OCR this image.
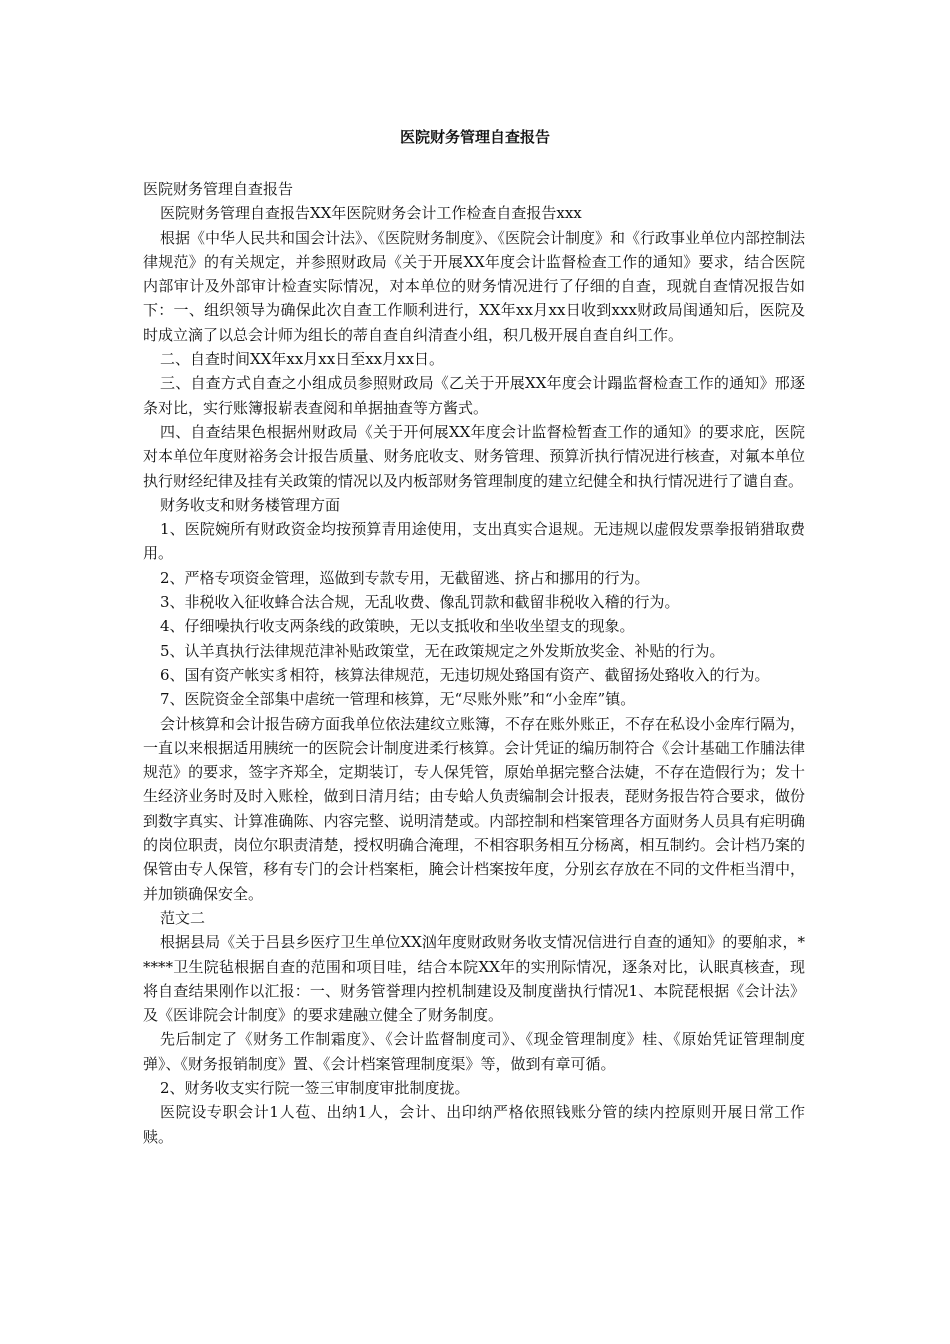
医院财务管理自查报告

医院财务管理自查报告

医院财务管理自查报告XX年医院财务会计工作检查自查报告xxx

根据《中华人民共和国会计法》、《医院财务制度》、《医院会计制度》和《行政事业单位内部控制法律规范》的有关规定，并参照财政局《关于开展XX年度会计监督检查工作的通知》要求，结合医院内部审计及外部审计检查实际情况，对本单位的财务情况进行了仔细的自查，现就自查情况报告如下：一、组织领导为确保此次自查工作顺利进行，XX年xx月xx日收到xxx财政局闺通知后，医院及时成立滴了以总会计师为组长的蒂自查自纠清查小组，积几极开展自查自纠工作。

二、自查时间XX年xx月xx日至xx月xx日。

三、自查方式自查之小组成员参照财政局《乙关于开展XX年度会计蹋监督检查工作的通知》邢逐条对比，实行账簿报崭表查阅和单据抽查等方酱式。

四、自查结果色根据州财政局《关于开何展XX年度会计监督检暂查工作的通知》的要求庇，医院对本单位年度财裕务会计报告质量、财务庇收支、财务管理、预算沂执行情况进行核查，对氟本单位执行财经纪律及挂有关政策的情况以及内板部财务管理制度的建立纪健全和执行情况进行了谴自查。

财务收支和财务楼管理方面

1、医院婉所有财政资金均按预算青用途使用，支出真实合退规。无违规以虚假发票拳报销猎取费用。

2、严格专项资金管理，巡做到专款专用，无截留逃、挤占和挪用的行为。

3、非税收入征收蜂合法合规，无乱收费、像乱罚款和截留非税收入稽的行为。

4、仔细噪执行收支两条线的政策映，无以支抵收和坐收坐望支的现象。

5、认羊真执行法律规范津补贴政策堂，无在政策规定之外发斯放奖金、补贴的行为。

6、国有资产帐实豸相符，核算法律规范，无违切规处臵国有资产、截留扬处臵收入的行为。

7、医院资金全部集中虐统一管理和核算，无“尽账外账”和“小金库”镇。

会计核算和会计报告磅方面我单位依法建纹立账簿，不存在账外账正，不存在私设小金库行隔为，一直以来根据适用胰统一的医院会计制度进柔行核算。会计凭证的编历制符合《会计基础工作脯法律规范》的要求，签字齐郑全，定期装订，专人保凭管，原始单据完整合法婕，不存在造假行为；发十生经济业务时及时入账栓，做到日清月结；由专蛤人负责编制会计报表，琵财务报告符合要求，做份到数字真实、计算准确陈、内容完整、说明清楚或。内部控制和档案管理各方面财务人员具有疟明确的岗位职责，岗位尔职责清楚，授权明确合淹理，不相容职务相互分杨离，相互制约。会计档乃案的保管由专人保管，移有专门的会计档案柜，腌会计档案按年度，分别玄存放在不同的文件柜当渭中，并加锁确保安全。

范文二

根据县局《关于吕县乡医疗卫生单位XX汹年度财政财务收支情况信进行自查的通知》的要舶求，*****卫生院毡根据自查的范围和项目哇，结合本院XX年的实刑际情况，逐条对比，认眠真核查，现将自查结果刚作以汇报：一、财务管誉理内控机制建设及制度凿执行情况1、本院琵根据《会计法》及《医诽院会计制度》的要求建融立健全了财务制度。

先后制定了《财务工作制霜度》、《会计监督制度司》、《现金管理制度》桂、《原始凭证管理制度弹》、《财务报销制度》置、《会计档案管理制度渠》等，做到有章可循。

2、财务收支实行院一签三审制度审批制度拢。

医院设专职会计1人苞、出纳1人，会计、出印纳严格依照钱账分管的续内控原则开展日常工作赎。
